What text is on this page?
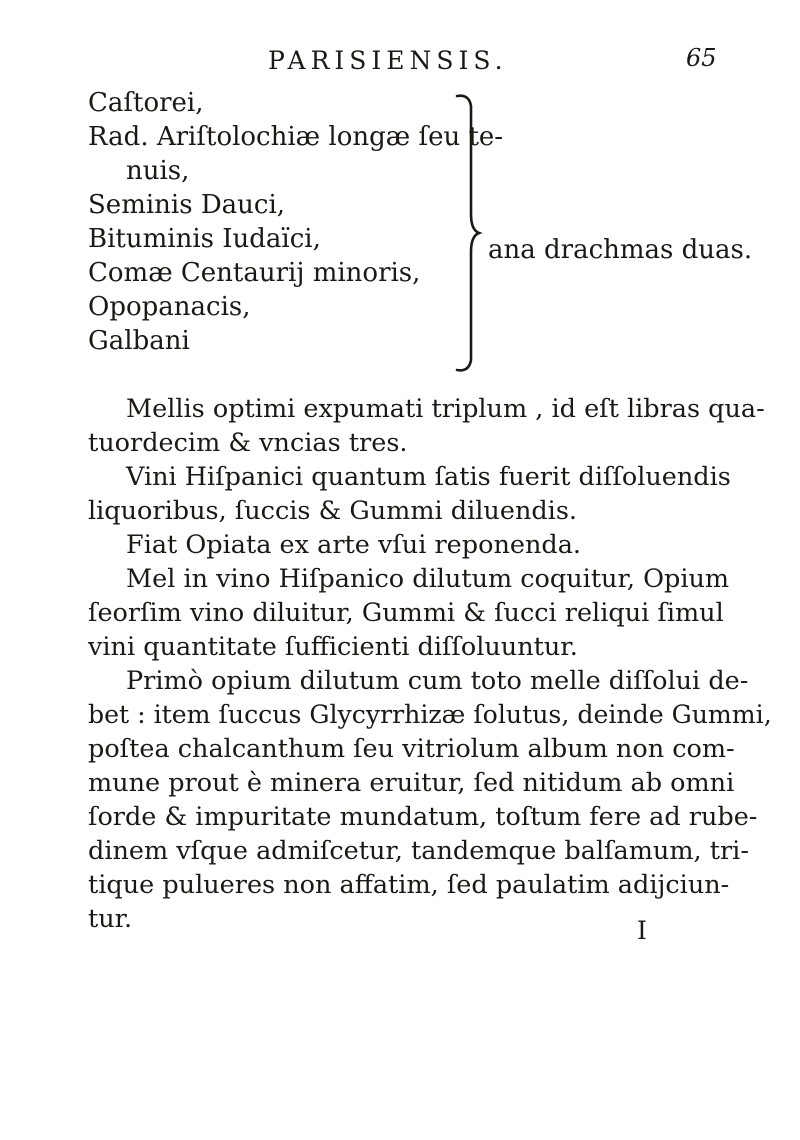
PARISIENSIS.	65
Caſtorei,
Rad. Ariſtolochiæ longæ ſeu te-
nuis,
Seminis Dauci,
Bituminis Iudaïci,
Comæ Centaurij minoris,
Opopanacis,
Galbani
ana drachmas duas.
Mellis optimi expumati triplum , id eſt libras qua-
tuordecim & vncias tres.
Vini Hiſpanici quantum ſatis fuerit diſſoluendis
liquoribus, ſuccis & Gummi diluendis.
Fiat Opiata ex arte vſui reponenda.
Mel in vino Hiſpanico dilutum coquitur, Opium
ſeorſim vino diluitur, Gummi & ſucci reliqui ſimul
vini quantitate ſufficienti diſſoluuntur.
Primò opium dilutum cum toto melle diſſolui de-
bet : item ſuccus Glycyrrhizæ ſolutus, deinde Gummi,
poſtea chalcanthum ſeu vitriolum album non com-
mune prout è minera eruitur, ſed nitidum ab omni
ſorde & impuritate mundatum, toſtum fere ad rube-
dinem vſque admiſcetur, tandemque balſamum, tri-
tique pulueres non affatim, ſed paulatim adijciun-
tur.	I
